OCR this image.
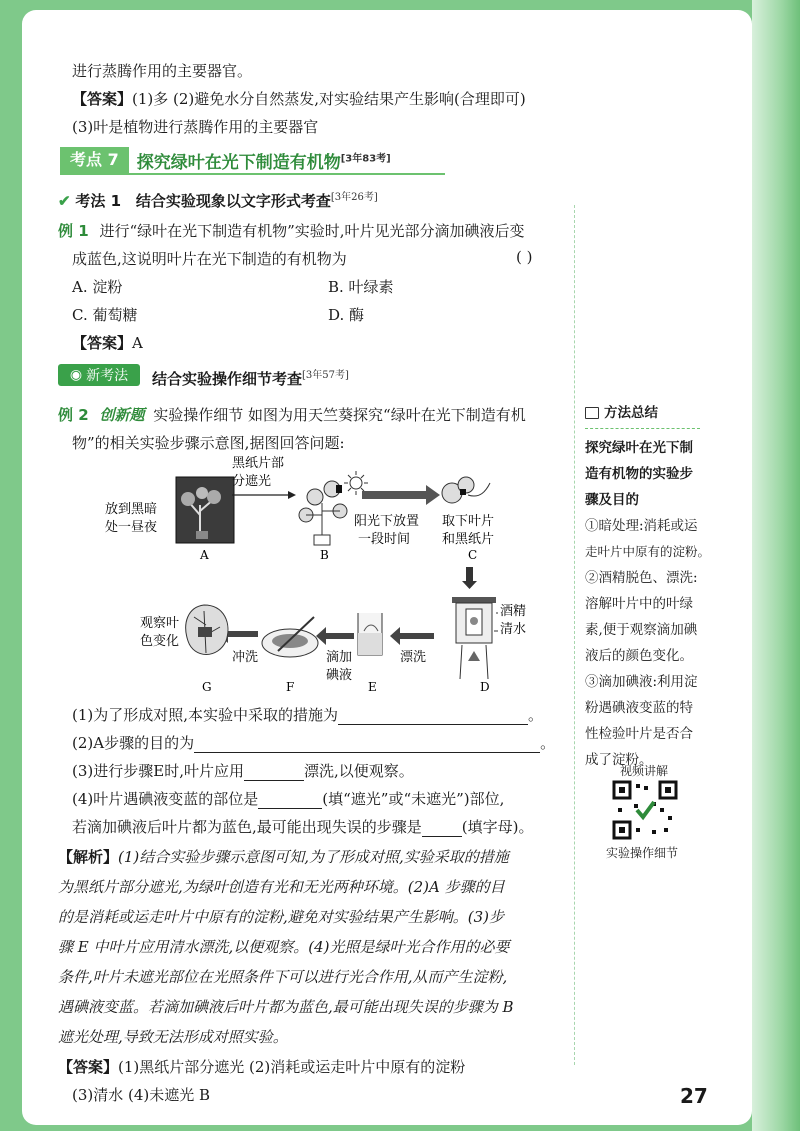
进行蒸腾作用的主要器官。
【答案】(1)多 (2)避免水分自然蒸发,对实验结果产生影响(合理即可)
(3)叶是植物进行蒸腾作用的主要器官
考点 7	探究绿叶在光下制造有机物[3年83考]
✔ 考法 1 结合实验现象以文字形式考查[3年26考]
例 1 进行“绿叶在光下制造有机物”实验时,叶片见光部分滴加碘液后变
成蓝色,这说明叶片在光下制造的有机物为	( )
A. 淀粉	B. 叶绿素
C. 葡萄糖	D. 酶
【答案】A
◉ 新考法 结合实验操作细节考查[3年57考]
例 2 创新题 实验操作细节 如图为用天竺葵探究“绿叶在光下制造有机
物”的相关实验步骤示意图,据图回答问题:
放到黑暗
处一昼夜
A
黑纸片部
分遮光
B
阳光下放置
一段时间
取下叶片
和黑纸片
C
酒精
清水
D
漂洗
E
滴加
碘液
F
冲洗
观察叶
色变化
G
(1)为了形成对照,本实验中采取的措施为	。
(2)A步骤的目的为	。
(3)进行步骤E时,叶片应用	漂洗,以便观察。
(4)叶片遇碘液变蓝的部位是	(填“遮光”或“未遮光”)部位,
若滴加碘液后叶片都为蓝色,最可能出现失误的步骤是	(填字母)。
【解析】(1)结合实验步骤示意图可知,为了形成对照,实验采取的措施
为黑纸片部分遮光,为绿叶创造有光和无光两种环境。(2)A 步骤的目
的是消耗或运走叶片中原有的淀粉,避免对实验结果产生影响。(3)步
骤 E 中叶片应用清水漂洗,以便观察。(4)光照是绿叶光合作用的必要
条件,叶片未遮光部位在光照条件下可以进行光合作用,从而产生淀粉,
遇碘液变蓝。若滴加碘液后叶片都为蓝色,最可能出现失误的步骤为 B
遮光处理,导致无法形成对照实验。
【答案】(1)黑纸片部分遮光 (2)消耗或运走叶片中原有的淀粉
(3)清水 (4)未遮光 B
方法总结
探究绿叶在光下制
造有机物的实验步
骤及目的
①暗处理:消耗或运
走叶片中原有的淀粉。
②酒精脱色、漂洗:
溶解叶片中的叶绿
素,便于观察滴加碘
液后的颜色变化。
③滴加碘液:利用淀
粉遇碘液变蓝的特
性检验叶片是否合
成了淀粉。
视频讲解
实验操作细节
27
